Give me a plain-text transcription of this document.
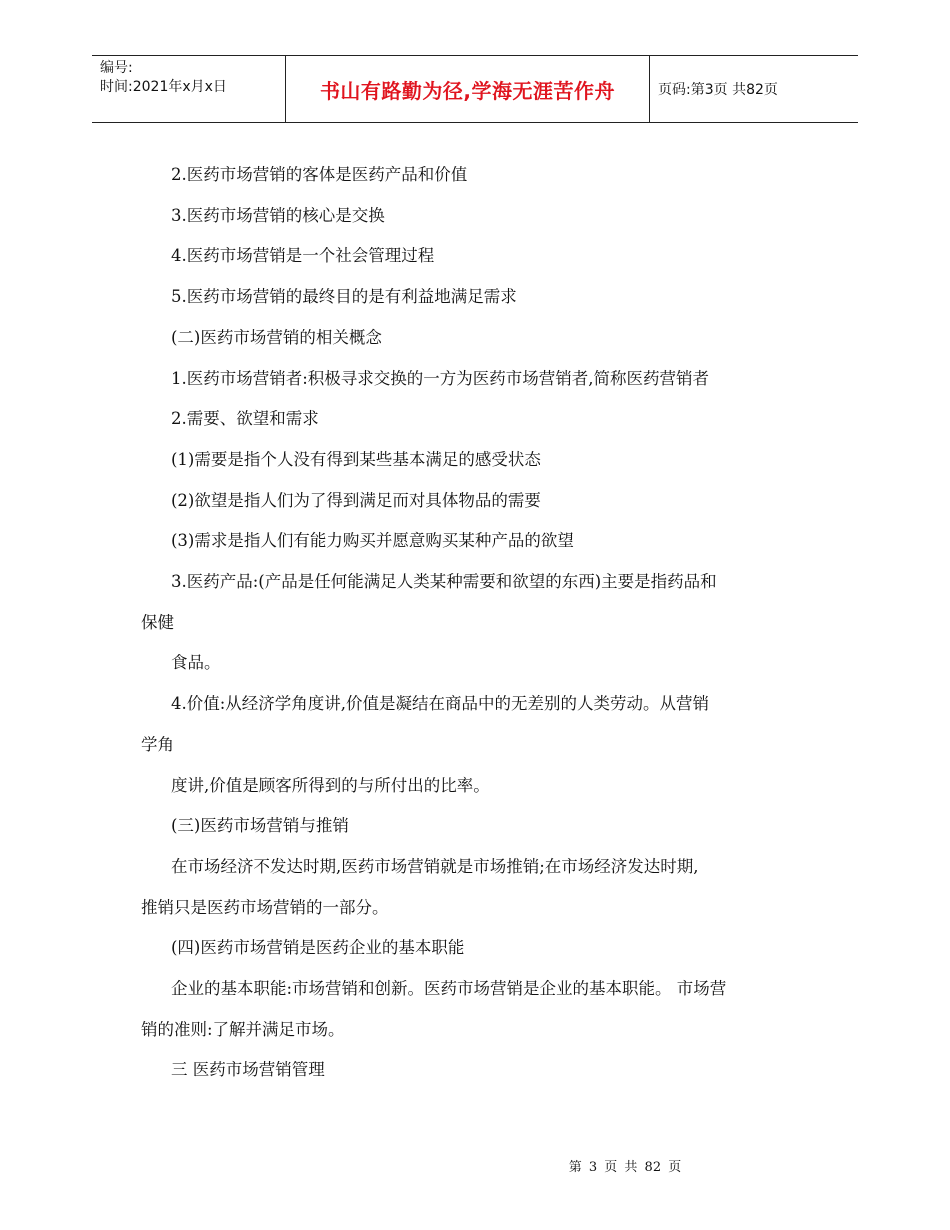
编号:
时间:2021年x月x日	书山有路勤为径,学海无涯苦作舟	页码:第3页 共82页

2.医药市场营销的客体是医药产品和价值

3.医药市场营销的核心是交换

4.医药市场营销是一个社会管理过程

5.医药市场营销的最终目的是有利益地满足需求

(二)医药市场营销的相关概念

1.医药市场营销者:积极寻求交换的一方为医药市场营销者,简称医药营销者

2.需要、欲望和需求

(1)需要是指个人没有得到某些基本满足的感受状态

(2)欲望是指人们为了得到满足而对具体物品的需要

(3)需求是指人们有能力购买并愿意购买某种产品的欲望

3.医药产品:(产品是任何能满足人类某种需要和欲望的东西)主要是指药品和

保健

食品。

4.价值:从经济学角度讲,价值是凝结在商品中的无差别的人类劳动。从营销

学角

度讲,价值是顾客所得到的与所付出的比率。

(三)医药市场营销与推销

在市场经济不发达时期,医药市场营销就是市场推销;在市场经济发达时期,

推销只是医药市场营销的一部分。

(四)医药市场营销是医药企业的基本职能

企业的基本职能:市场营销和创新。医药市场营销是企业的基本职能。 市场营

销的准则:了解并满足市场。

三 医药市场营销管理

第 3 页 共 82 页
